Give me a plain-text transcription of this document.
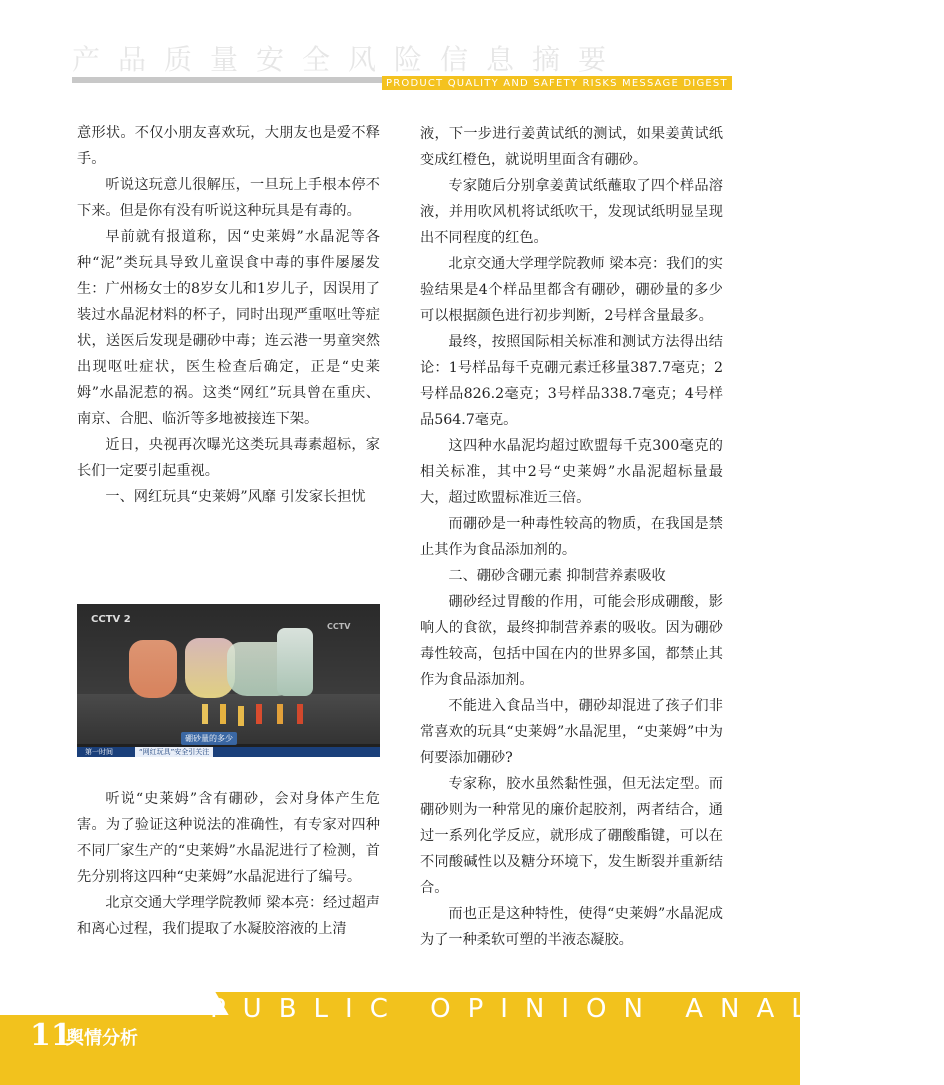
产品质量安全风险信息摘要
PRODUCT QUALITY AND SAFETY RISKS MESSAGE DIGEST

意形状。不仅小朋友喜欢玩，大朋友也是爱不释手。

听说这玩意儿很解压，一旦玩上手根本停不下来。但是你有没有听说这种玩具是有毒的。

早前就有报道称，因“史莱姆”水晶泥等各种“泥”类玩具导致儿童误食中毒的事件屡屡发生：广州杨女士的8岁女儿和1岁儿子，因误用了装过水晶泥材料的杯子，同时出现严重呕吐等症状，送医后发现是硼砂中毒；连云港一男童突然出现呕吐症状，医生检查后确定，正是“史莱姆”水晶泥惹的祸。这类“网红”玩具曾在重庆、南京、合肥、临沂等多地被接连下架。

近日，央视再次曝光这类玩具毒素超标，家长们一定要引起重视。

一、网红玩具“史莱姆”风靡 引发家长担忧

CCTV 2
CCTV
硼砂量的多少
第一时间	“网红玩具”安全引关注

听说“史莱姆”含有硼砂，会对身体产生危害。为了验证这种说法的准确性，有专家对四种不同厂家生产的“史莱姆”水晶泥进行了检测，首先分别将这四种“史莱姆”水晶泥进行了编号。

北京交通大学理学院教师 梁本亮：经过超声和离心过程，我们提取了水凝胶溶液的上清

液，下一步进行姜黄试纸的测试，如果姜黄试纸变成红橙色，就说明里面含有硼砂。

专家随后分别拿姜黄试纸蘸取了四个样品溶液，并用吹风机将试纸吹干，发现试纸明显呈现出不同程度的红色。

北京交通大学理学院教师 梁本亮：我们的实验结果是4个样品里都含有硼砂，硼砂量的多少可以根据颜色进行初步判断，2号样含量最多。

最终，按照国际相关标准和测试方法得出结论：1号样品每千克硼元素迁移量387.7毫克；2号样品826.2毫克；3号样品338.7毫克；4号样品564.7毫克。

这四种水晶泥均超过欧盟每千克300毫克的相关标准，其中2号“史莱姆”水晶泥超标量最大，超过欧盟标准近三倍。

而硼砂是一种毒性较高的物质，在我国是禁止其作为食品添加剂的。

二、硼砂含硼元素 抑制营养素吸收

硼砂经过胃酸的作用，可能会形成硼酸，影响人的食欲，最终抑制营养素的吸收。因为硼砂毒性较高，包括中国在内的世界多国，都禁止其作为食品添加剂。

不能进入食品当中，硼砂却混进了孩子们非常喜欢的玩具“史莱姆”水晶泥里，“史莱姆”中为何要添加硼砂?

专家称，胶水虽然黏性强，但无法定型。而硼砂则为一种常见的廉价起胶剂，两者结合，通过一系列化学反应，就形成了硼酸酯键，可以在不同酸碱性以及糖分环境下，发生断裂并重新结合。

而也正是这种特性，使得“史莱姆”水晶泥成为了一种柔软可塑的半液态凝胶。

PUBLIC OPINION ANALYSIS
11
舆情分析
